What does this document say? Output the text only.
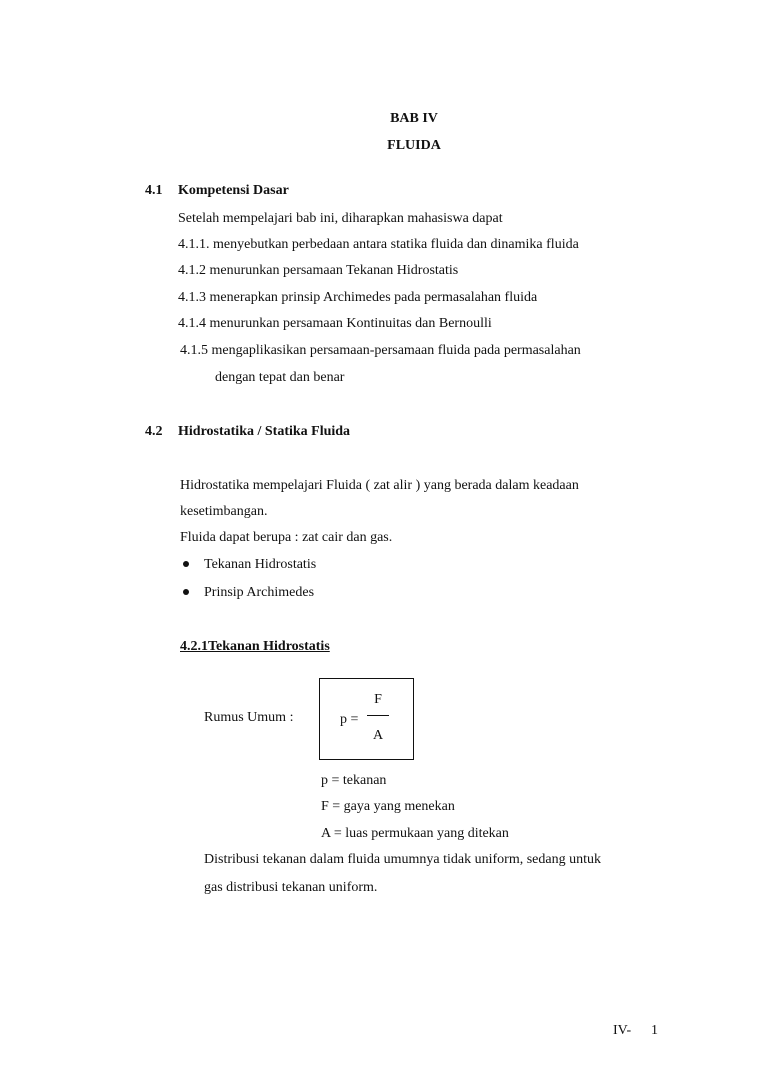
BAB IV
FLUIDA
4.1 Kompetensi Dasar
Setelah mempelajari bab ini, diharapkan mahasiswa dapat
4.1.1. menyebutkan perbedaan antara statika fluida dan dinamika fluida
4.1.2 menurunkan persamaan Tekanan Hidrostatis
4.1.3 menerapkan prinsip Archimedes pada permasalahan fluida
4.1.4 menurunkan persamaan Kontinuitas dan Bernoulli
4.1.5 mengaplikasikan persamaan-persamaan fluida pada permasalahan
dengan tepat dan benar
4.2 Hidrostatika / Statika Fluida
Hidrostatika mempelajari Fluida ( zat alir ) yang berada dalam keadaan
kesetimbangan.
Fluida dapat berupa : zat cair dan gas.
Tekanan Hidrostatis
Prinsip Archimedes
4.2.1Tekanan Hidrostatis
Rumus Umum :	p =
F
A
p = tekanan
F = gaya yang menekan
A = luas permukaan yang ditekan
Distribusi tekanan dalam fluida umumnya tidak uniform, sedang untuk
gas distribusi tekanan uniform.
IV- 1
